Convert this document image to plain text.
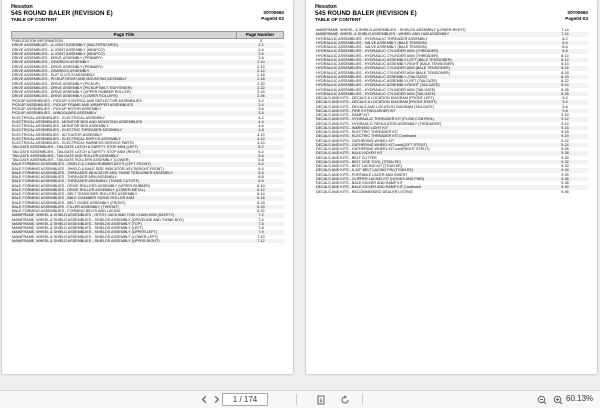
Hesston
545 ROUND BALER (REVISION E)
TABLE OF CONTENT
00700660
Page03-02
Page Title	Page Number
PUBLICATION INFORMATION	0
DRIVE ASSEMBLIES - U-JOINT ASSEMBLY (WALTERSCHEID)	2-1
DRIVE ASSEMBLIES - U-JOINT ASSEMBLY (NEAPCO)	2-4
DRIVE ASSEMBLIES - U-JOINT ASSEMBLY (NEAPCO)	2-5
DRIVE ASSEMBLIES - DRIVE ASSEMBLY (PRIMARY)	2-6
DRIVE ASSEMBLIES - GEARBOX ASSEMBLY	2-10
DRIVE ASSEMBLIES - DRIVE ASSEMBLY (PRIMARY)	2-12
DRIVE ASSEMBLIES - GEARBOX ASSEMBLY	2-14
DRIVE ASSEMBLIES - SLIP CLUTCH ASSEMBLY	2-16
DRIVE ASSEMBLIES - PICKUP DRIVE AND MOUNTING ASSEMBLY	2-18
DRIVE ASSEMBLIES - DRIVE ASSEMBLY (PICKUP)	2-20
DRIVE ASSEMBLIES - DRIVE ASSEMBLY (PICKUP BELT TIGHTENER)	2-22
DRIVE ASSEMBLIES - DRIVE ASSEMBLY (UPPER RUBBER ROLLER)	2-24
DRIVE ASSEMBLIES - DRIVE ASSEMBLY (LOWER ROLLERS)	2-26
PICKUP ASSEMBLIES - PICKUP CONTROL AND DEFLECTOR ASSEMBLIES	3-2
PICKUP ASSEMBLIES - PICKUP FRAME AND WRAPPER ASSEMBLIES	3-4
PICKUP ASSEMBLIES - PICKUP ROTOR ASSEMBLY	3-6
PICKUP ASSEMBLIES - WINDGUARD ASSEMBLY	3-8
ELECTRICAL ASSEMBLIES - ELECTRICAL ASSEMBLY	4-2
ELECTRICAL ASSEMBLIES - MONITOR BOX AND MOUNTING ASSEMBLIES	4-4
ELECTRICAL ASSEMBLIES - MONITOR BOX ASSEMBLY	4-6
ELECTRICAL ASSEMBLIES - ELECTRIC THREADER ASSEMBLY	4-8
ELECTRICAL ASSEMBLIES - ACTUATOR ASSEMBLY	4-10
ELECTRICAL ASSEMBLIES - ELECTRICAL SWITCH ASSEMBLY	4-12
ELECTRICAL ASSEMBLIES - ELECTRICAL HARNESS SERVICE PARTS	4-14
TAILGATE ASSEMBLIES - TAILGATE LATCH & SAFETY STOP ASM (LEFT)	5-2
TAILGATE ASSEMBLIES - TAILGATE LATCH & SAFETY STOP ASM (RIGHT)	5-4
TAILGATE ASSEMBLIES - TAILGATE AND ROLLER ASSEMBLY	5-6
TAILGATE ASSEMBLIES - TAILGATE ROLLERS ASSEMBLY (LOWER)	5-8
BALE FORMING ASSEMBLIES - SHIELD & CHAIN RUBBER ASY'S (LEFT-FRONT)	6-2
BALE FORMING ASSEMBLIES - SHIELD & BALE SIZE INDICATOR ASY'S(RIGHT-FRONT)	6-4
BALE FORMING ASSEMBLIES - THREADER INDICATOR AND TWINE TENSIONER ASSEMBLY	6-6
BALE FORMING ASSEMBLIES - THREADER ARM ASSEMBLY	6-8
BALE FORMING ASSEMBLIES - THREADER ASSEMBLY (TWINE CUTOFF)	6-9
BALE FORMING ASSEMBLIES - DRIVE ROLLERS ASSEMBLY (UPPER-RUBBER)	6-10
BALE FORMING ASSEMBLIES - DRIVE ROLLER ASSEMBLY (LOWER-METAL)	6-12
BALE FORMING ASSEMBLIES - BELT TENSIONER ROLLERS ASSEMBLY	6-14
BALE FORMING ASSEMBLIES - BALE CHAMBER SIZING ROLLER ASM	6-16
BALE FORMING ASSEMBLIES - BELT GUIDE ASSEMBLY (FRONT)	6-18
BALE FORMING ASSEMBLIES - FILLER ASSEMBLY (THROAT)	6-20
BALE FORMING ASSEMBLIES - FORMING BELTS AND LACING	6-22
MAINFRAME, WHEEL & SHIELD ASSEMBLIES - HITCH, JACK AND TOW CHAIN ASM (SAFETY)	7-2
MAINFRAME, WHEEL & SHIELD ASSEMBLIES - SHIELDS ASSEMBLY (DRIVELINE AND TWINE BOX)	7-4
MAINFRAME, WHEEL & SHIELD ASSEMBLIES - SHIELDS ASSEMBLY (TOP)	7-6
MAINFRAME, WHEEL & SHIELD ASSEMBLIES - SHIELDS ASSEMBLY (LEFT)	7-8
MAINFRAME, WHEEL & SHIELD ASSEMBLIES - SHIELDS ASSEMBLY (UPPER-LEFT)	7-9
MAINFRAME, WHEEL & SHIELD ASSEMBLIES - SHIELDS ASSEMBLY (LOWER-LEFT)	7-10
MAINFRAME, WHEEL & SHIELD ASSEMBLIES - SHIELDS ASSEMBLY (UPPER-RIGHT)	7-12
Hesston
545 ROUND BALER (REVISION E)
TABLE OF CONTENT
00700660
Page03-03
MAINFRAME, WHEEL, & SHIELD ASSEMBLIES - SHIELDS ASSEMBLY (LOWER-RIGHT)	7-14
MAINFRAME, WHEEL & SHIELD ASSEMBLIES - WHEEL AND HUB ASSEMBLY	7-16
HYDRAULIC ASSEMBLIES - HYDRAULIC THREADER ASSEMBLY	8-2
HYDRAULIC ASSEMBLIES - VALVE ASSEMBLY (BALE TENSION)	8-4
HYDRAULIC ASSEMBLIES - VALVE ASSEMBLY (BALE TENSION)	8-6
HYDRAULIC ASSEMBLIES - HYDRAULIC CYLINDER ASM (THREADER)	8-8
HYDRAULIC ASSEMBLIES - HYDRAULIC CYLINDER ASM (THREADER)	8-10
HYDRAULIC ASSEMBLIES - HYDRAULIC ASSEMBLY-LEFT (BALE TENSIONER)	8-12
HYDRAULIC ASSEMBLIES - HYDRAULIC ASSEMBLY-RIGHT (BALE TENSIONER)	8-14
HYDRAULIC ASSEMBLIES - HYDRAULIC CYLINDER ASM (BALE TENSIONER)	8-16
HYDRAULIC ASSEMBLIES - HYDRAULIC CYLINDER ASM (BALE TENSIONER)	8-18
HYDRAULIC ASSEMBLIES - HYDRAULIC ASSEMBLY (TAILGATE)	8-20
HYDRAULIC ASSEMBLIES - HYDRAULIC ASSEMBLY-LEFT (TAILGATE)	8-22
HYDRAULIC ASSEMBLIES - HYDRAULIC ASSEMBLY-RIGHT (TAILGATE)	8-24
HYDRAULIC ASSEMBLIES - HYDRAULIC CYLINDER ASM (TAILGATE)	8-26
HYDRAULIC ASSEMBLIES - HYDRAULIC CYLINDER ASM (TAILGATE)	8-28
DECALS AND KITS - DECALS & LOCATION DIAGRAM (FRONT-LEFT)	9-2
DECALS AND KITS - DECALS & LOCATION DIAGRAM (FRONT-RIGHT)	9-4
DECALS AND KITS - DECALS AND LOCATION DIAGRAM (TAILGATE)	9-6
DECALS AND KITS - FIRE EXTINGUISHER KIT	9-8
DECALS AND KITS - RAMP KIT	9-10
DECALS AND KITS - HYDRAULIC THREADER KIT (FLOW CONTROL)	9-12
DECALS AND KITS - HYDRAULIC REGULATOR ASSEMBLY (THREADER)	9-14
DECALS AND KITS - WARNING LIGHT KIT	9-16
DECALS AND KITS - ELECTRIC THREADER KIT	9-18
DECALS AND KITS - ELECTRIC THREADER KIT-Continued	9-20
DECALS AND KITS - GATHERING WHEEL KIT	9-22
DECALS AND KITS - GATHERING WHEEL KIT-cont(LEFT STRUT)	9-24
DECALS AND KITS - GATHERING WHEEL KIT-cont(RIGHT STRUT)	9-26
DECALS AND KITS - BALE KICKER KIT	9-28
DECALS AND KITS - BELT CUTTER	9-30
DECALS AND KITS - BELT VISE TOOL (TITAN EE)	9-32
DECALS AND KITS - BELT LACING KIT (TITAN EE)	9-33
DECALS AND KITS - 6-1/2" BELT LACING PIN (TITAN EE)	9-34
DECALS AND KITS - PORTABLE LACER AND INSERT	9-35
DECALS AND KITS - CLIPPER LACING KIT (HOOKS AND PINS)	9-36
DECALS AND KITS - BALE KICKER AND RAMP KIT	9-38
DECALS AND KITS - BALE KICKER AND RAMP KIT-Continued	9-40
DECALS AND KITS - RECOMMENDED DEALER LISTING	9-46
1 / 174	60.13%
